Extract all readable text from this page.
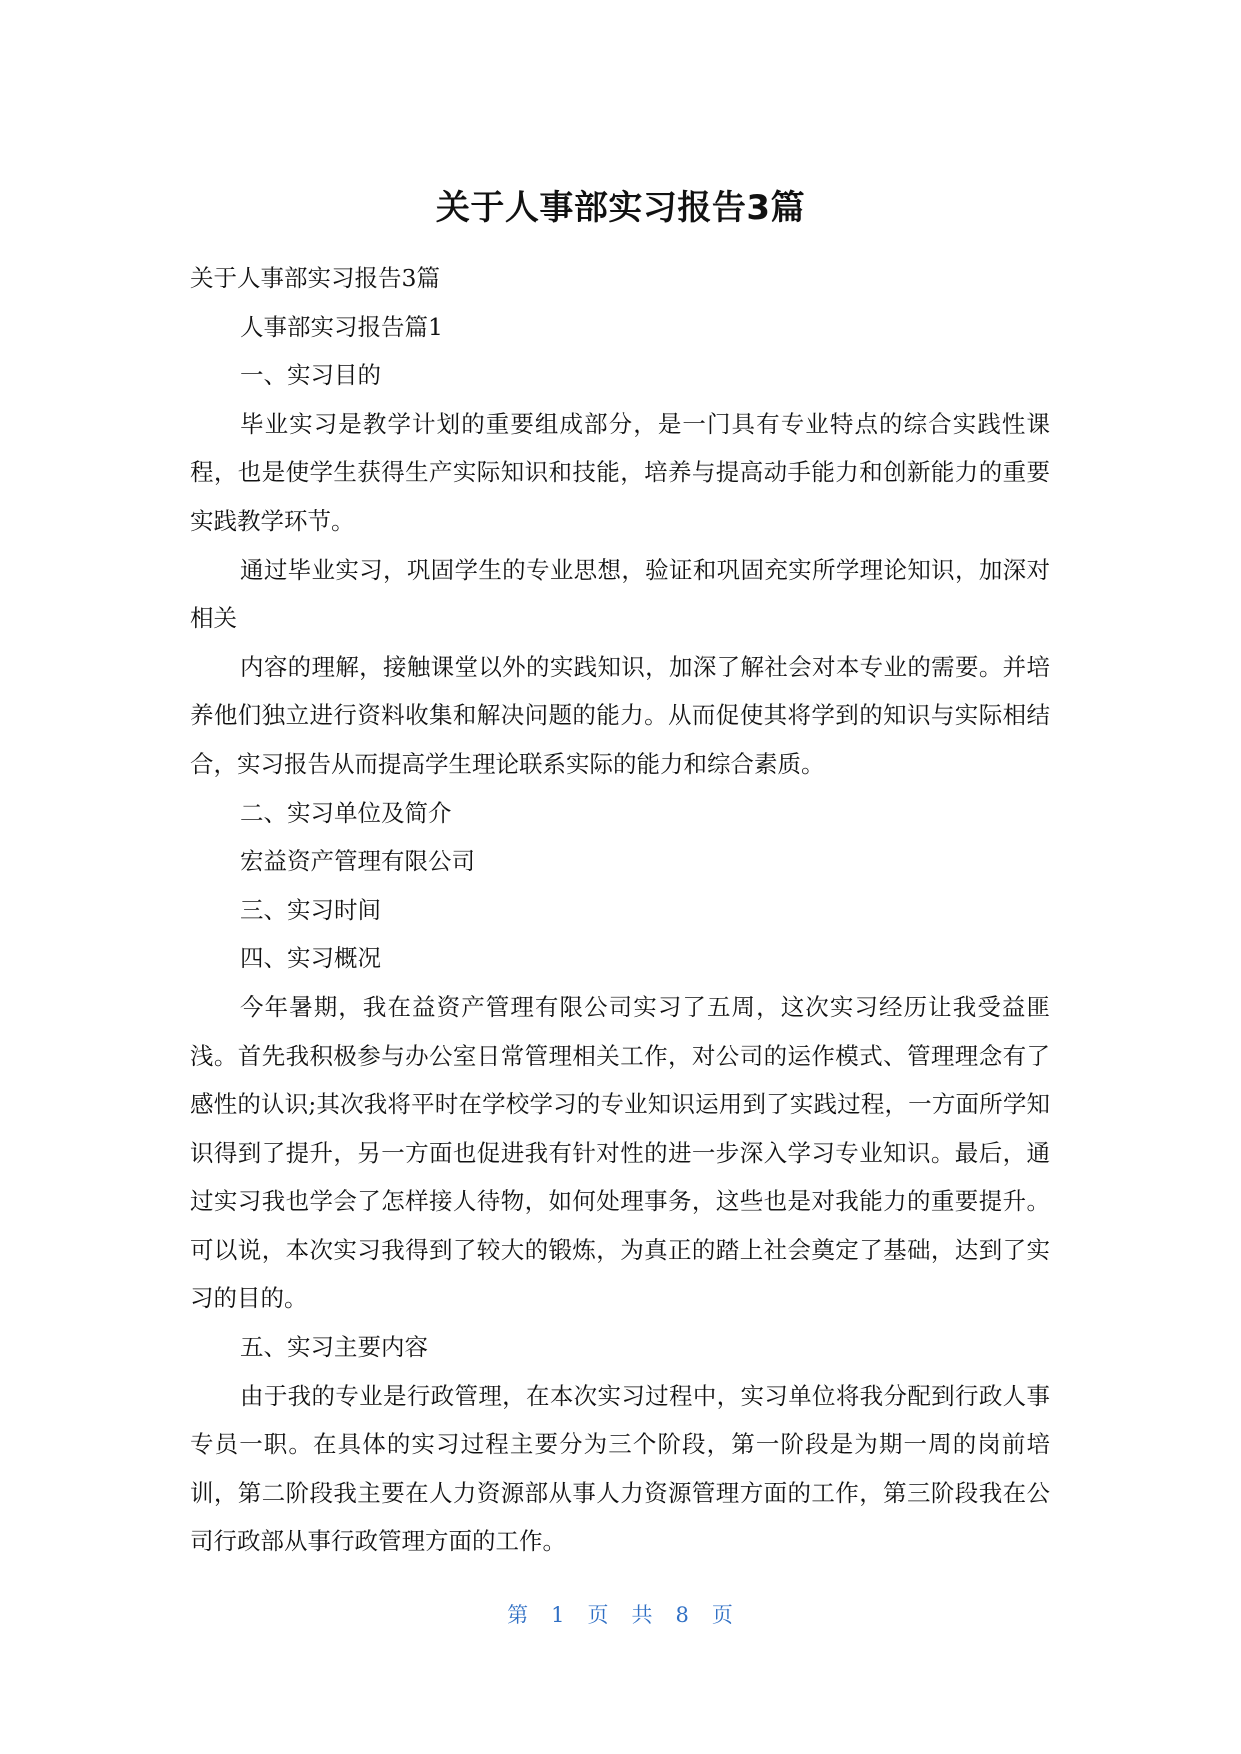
关于人事部实习报告3篇

关于人事部实习报告3篇

人事部实习报告篇1

一、实习目的

毕业实习是教学计划的重要组成部分，是一门具有专业特点的综合实践性课程，也是使学生获得生产实际知识和技能，培养与提高动手能力和创新能力的重要实践教学环节。

通过毕业实习，巩固学生的专业思想，验证和巩固充实所学理论知识，加深对相关

内容的理解，接触课堂以外的实践知识，加深了解社会对本专业的需要。并培养他们独立进行资料收集和解决问题的能力。从而促使其将学到的知识与实际相结合，实习报告从而提高学生理论联系实际的能力和综合素质。

二、实习单位及简介

宏益资产管理有限公司

三、实习时间

四、实习概况

今年暑期，我在益资产管理有限公司实习了五周，这次实习经历让我受益匪浅。首先我积极参与办公室日常管理相关工作，对公司的运作模式、管理理念有了感性的认识;其次我将平时在学校学习的专业知识运用到了实践过程，一方面所学知识得到了提升，另一方面也促进我有针对性的进一步深入学习专业知识。最后，通过实习我也学会了怎样接人待物，如何处理事务，这些也是对我能力的重要提升。可以说，本次实习我得到了较大的锻炼，为真正的踏上社会奠定了基础，达到了实习的目的。

五、实习主要内容

由于我的专业是行政管理，在本次实习过程中，实习单位将我分配到行政人事专员一职。在具体的实习过程主要分为三个阶段，第一阶段是为期一周的岗前培训，第二阶段我主要在人力资源部从事人力资源管理方面的工作，第三阶段我在公司行政部从事行政管理方面的工作。

第 1 页 共 8 页
